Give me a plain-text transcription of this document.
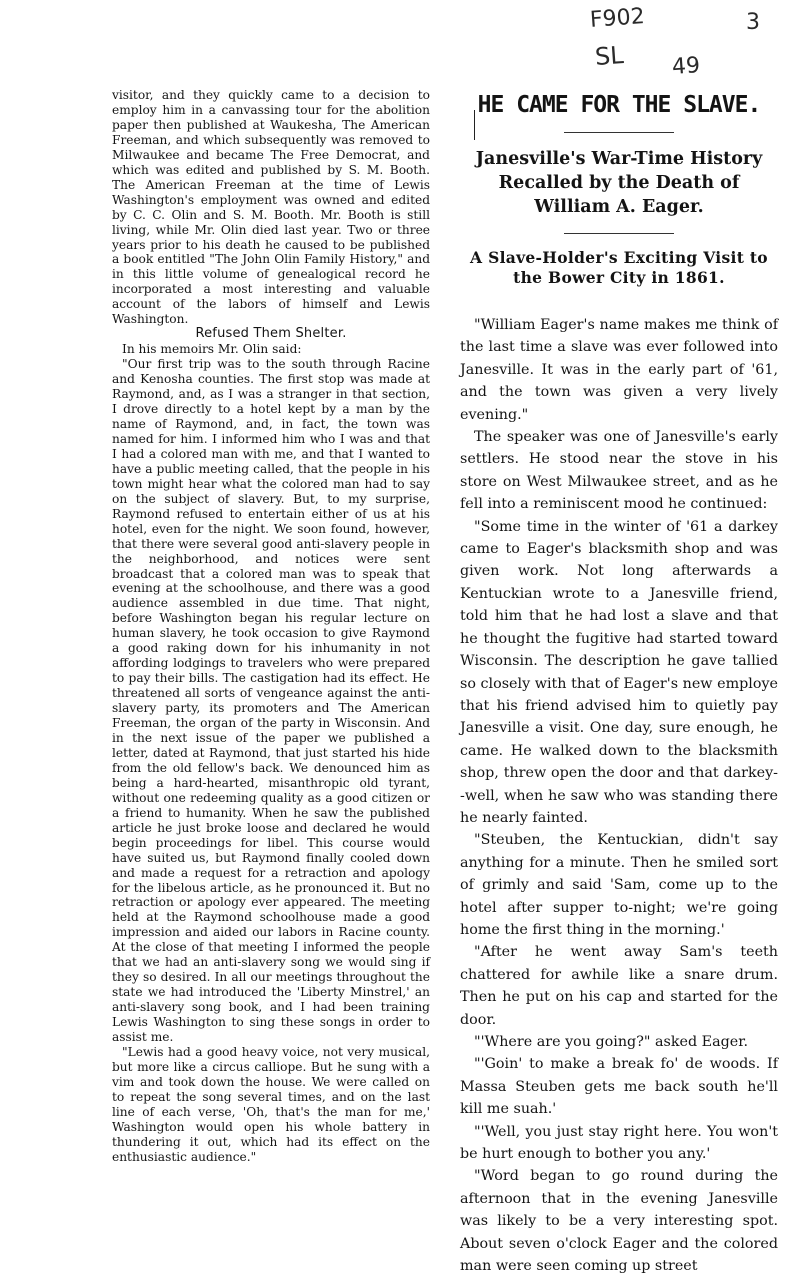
F902
SL 49
3

visitor, and they quickly came to a decision to employ him in a canvassing tour for the abolition paper then published at Waukesha, The American Freeman, and which subsequently was removed to Milwaukee and became The Free Democrat, and which was edited and published by S. M. Booth. The American Freeman at the time of Lewis Washington's employment was owned and edited by C. C. Olin and S. M. Booth. Mr. Booth is still living, while Mr. Olin died last year. Two or three years prior to his death he caused to be published a book entitled "The John Olin Family History," and in this little volume of genealogical record he incorporated a most interesting and valuable account of the labors of himself and Lewis Washington.

Refused Them Shelter.

In his memoirs Mr. Olin said:

"Our first trip was to the south through Racine and Kenosha counties. The first stop was made at Raymond, and, as I was a stranger in that section, I drove directly to a hotel kept by a man by the name of Raymond, and, in fact, the town was named for him. I informed him who I was and that I had a colored man with me, and that I wanted to have a public meeting called, that the people in his town might hear what the colored man had to say on the subject of slavery. But, to my surprise, Raymond refused to entertain either of us at his hotel, even for the night. We soon found, however, that there were several good anti-slavery people in the neighborhood, and notices were sent broadcast that a colored man was to speak that evening at the schoolhouse, and there was a good audience assembled in due time. That night, before Washington began his regular lecture on human slavery, he took occasion to give Raymond a good raking down for his inhumanity in not affording lodgings to travelers who were prepared to pay their bills. The castigation had its effect. He threatened all sorts of vengeance against the anti-slavery party, its promoters and The American Freeman, the organ of the party in Wisconsin. And in the next issue of the paper we published a letter, dated at Raymond, that just started his hide from the old fellow's back. We denounced him as being a hard-hearted, misanthropic old tyrant, without one redeeming quality as a good citizen or a friend to humanity. When he saw the published article he just broke loose and declared he would begin proceedings for libel. This course would have suited us, but Raymond finally cooled down and made a request for a retraction and apology for the libelous article, as he pronounced it. But no retraction or apology ever appeared. The meeting held at the Raymond schoolhouse made a good impression and aided our labors in Racine county. At the close of that meeting I informed the people that we had an anti-slavery song we would sing if they so desired. In all our meetings throughout the state we had introduced the 'Liberty Minstrel,' an anti-slavery song book, and I had been training Lewis Washington to sing these songs in order to assist me.

"Lewis had a good heavy voice, not very musical, but more like a circus calliope. But he sung with a vim and took down the house. We were called on to repeat the song several times, and on the last line of each verse, 'Oh, that's the man for me,' Washington would open his whole battery in thundering it out, which had its effect on the enthusiastic audience."

HE CAME FOR THE SLAVE.

Janesville's War-Time History Recalled by the Death of William A. Eager.

A Slave-Holder's Exciting Visit to the Bower City in 1861.

"William Eager's name makes me think of the last time a slave was ever followed into Janesville. It was in the early part of '61, and the town was given a very lively evening."

The speaker was one of Janesville's early settlers. He stood near the stove in his store on West Milwaukee street, and as he fell into a reminiscent mood he continued:

"Some time in the winter of '61 a darkey came to Eager's blacksmith shop and was given work. Not long afterwards a Kentuckian wrote to a Janesville friend, told him that he had lost a slave and that he thought the fugitive had started toward Wisconsin. The description he gave tallied so closely with that of Eager's new employe that his friend advised him to quietly pay Janesville a visit. One day, sure enough, he came. He walked down to the blacksmith shop, threw open the door and that darkey--well, when he saw who was standing there he nearly fainted.

"Steuben, the Kentuckian, didn't say anything for a minute. Then he smiled sort of grimly and said 'Sam, come up to the hotel after supper to-night; we're going home the first thing in the morning.'

"After he went away Sam's teeth chattered for awhile like a snare drum. Then he put on his cap and started for the door.

"'Where are you going?" asked Eager.

"'Goin' to make a break fo' de woods. If Massa Steuben gets me back south he'll kill me suah.'

"'Well, you just stay right here. You won't be hurt enough to bother you any.'

"Word began to go round during the afternoon that in the evening Janesville was likely to be a very interesting spot. About seven o'clock Eager and the colored man were seen coming up street
